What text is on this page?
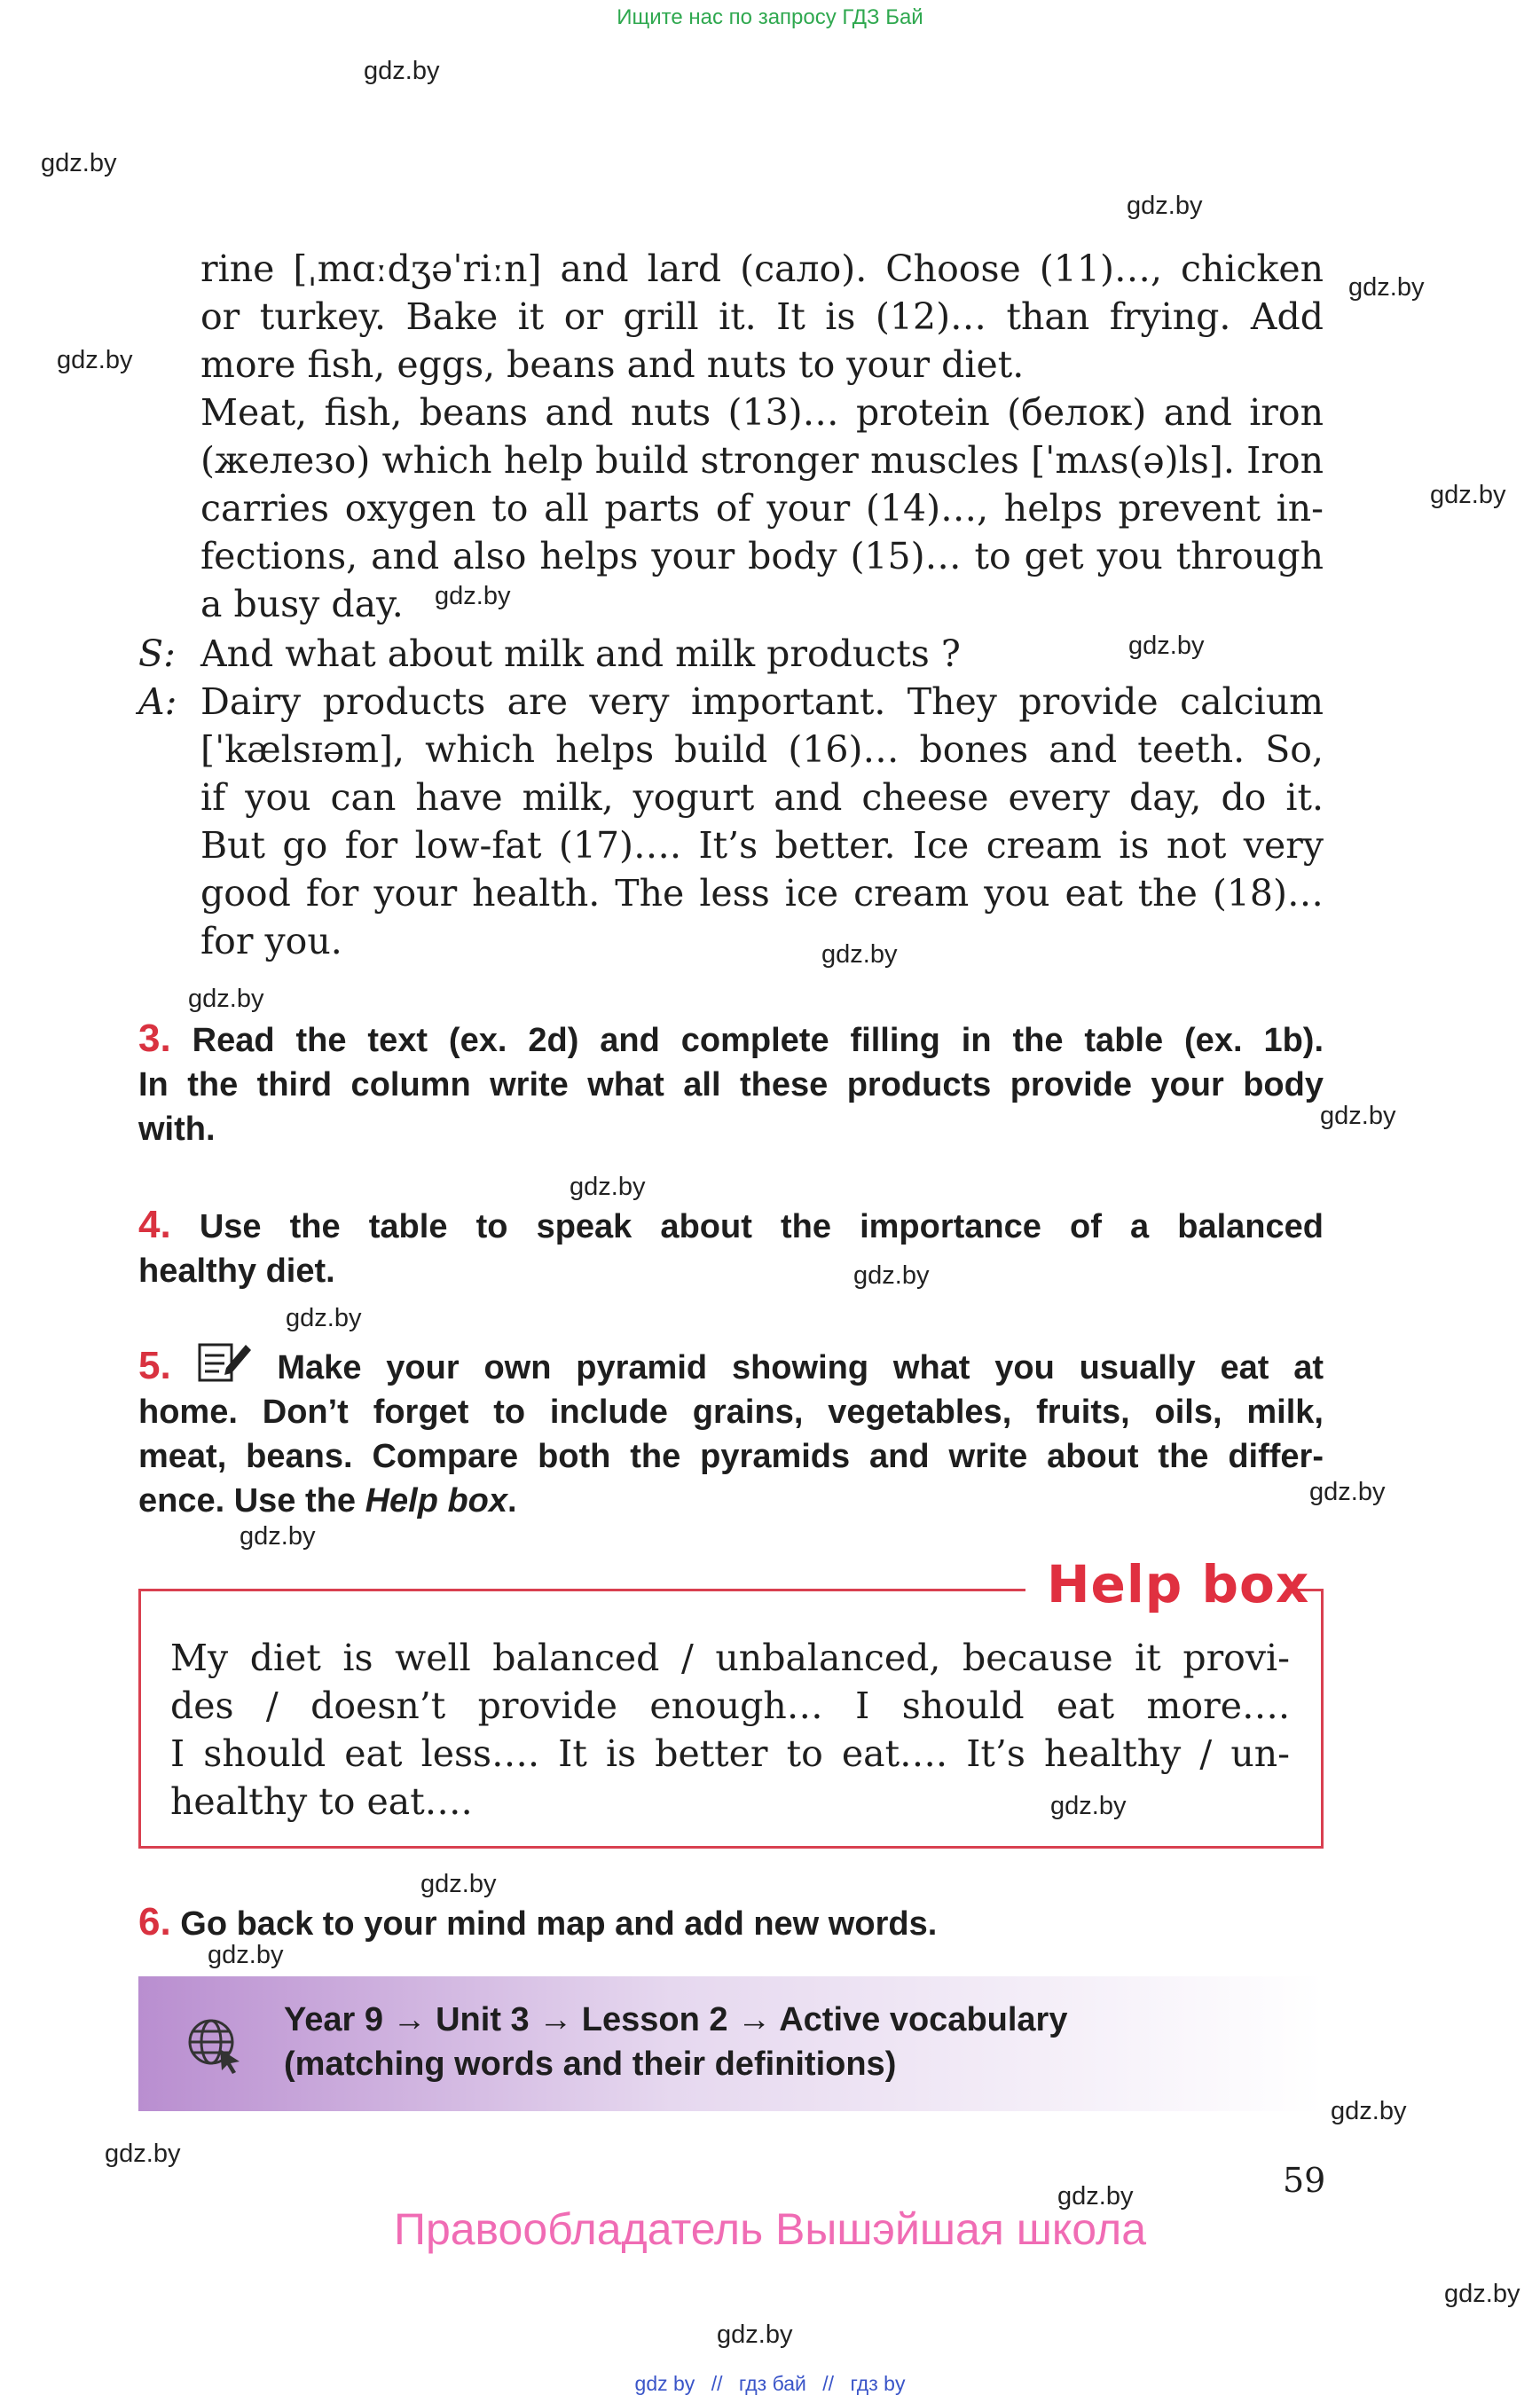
Ищите нас по запросу ГДЗ Бай
gdz.by
gdz.by
gdz.by
gdz.by
gdz.by
gdz.by
gdz.by
gdz.by
gdz.by
gdz.by
gdz.by
gdz.by
gdz.by
gdz.by
gdz.by
gdz.by
gdz.by
gdz.by
gdz.by
gdz.by
gdz.by
gdz.by
gdz.by
gdz.by
rine [ˌmɑːdʒəˈriːn] and lard (сало). Choose (11)…, chicken
or turkey. Bake it or grill it. It is (12)… than frying. Add
more fish, eggs, beans and nuts to your diet.
Meat, fish, beans and nuts (13)… protein (белок) and iron
(железо) which help build stronger muscles [ˈmʌs(ə)ls]. Iron
carries oxygen to all parts of your (14)…, helps prevent in-
fections, and also helps your body (15)… to get you through
a busy day.
S: And what about milk and milk products ?
A: Dairy products are very important. They provide calcium
[ˈkælsɪəm], which helps build (16)… bones and teeth. So,
if you can have milk, yogurt and cheese every day, do it.
But go for low-fat (17)…. It’s better. Ice cream is not very
good for your health. The less ice cream you eat the (18)…
for you.
3. Read the text (ex. 2d) and complete filling in the table (ex. 1b).
In the third column write what all these products provide your body
with.
4. Use the table to speak about the importance of a balanced
healthy diet.
5.	Make your own pyramid showing what you usually eat at
home. Don’t forget to include grains, vegetables, fruits, oils, milk,
meat, beans. Compare both the pyramids and write about the differ-
ence. Use the Help box.
Help box
My diet is well balanced / unbalanced, because it provi-
des / doesn’t provide enough… I should eat more….
I should eat less…. It is better to eat…. It’s healthy / un-
healthy to eat….
6. Go back to your mind map and add new words.
Year 9 → Unit 3 → Lesson 2 → Active vocabulary
(matching words and their definitions)
59
Правообладатель Вышэйшая школа
gdz by // гдз бай // гдз by
